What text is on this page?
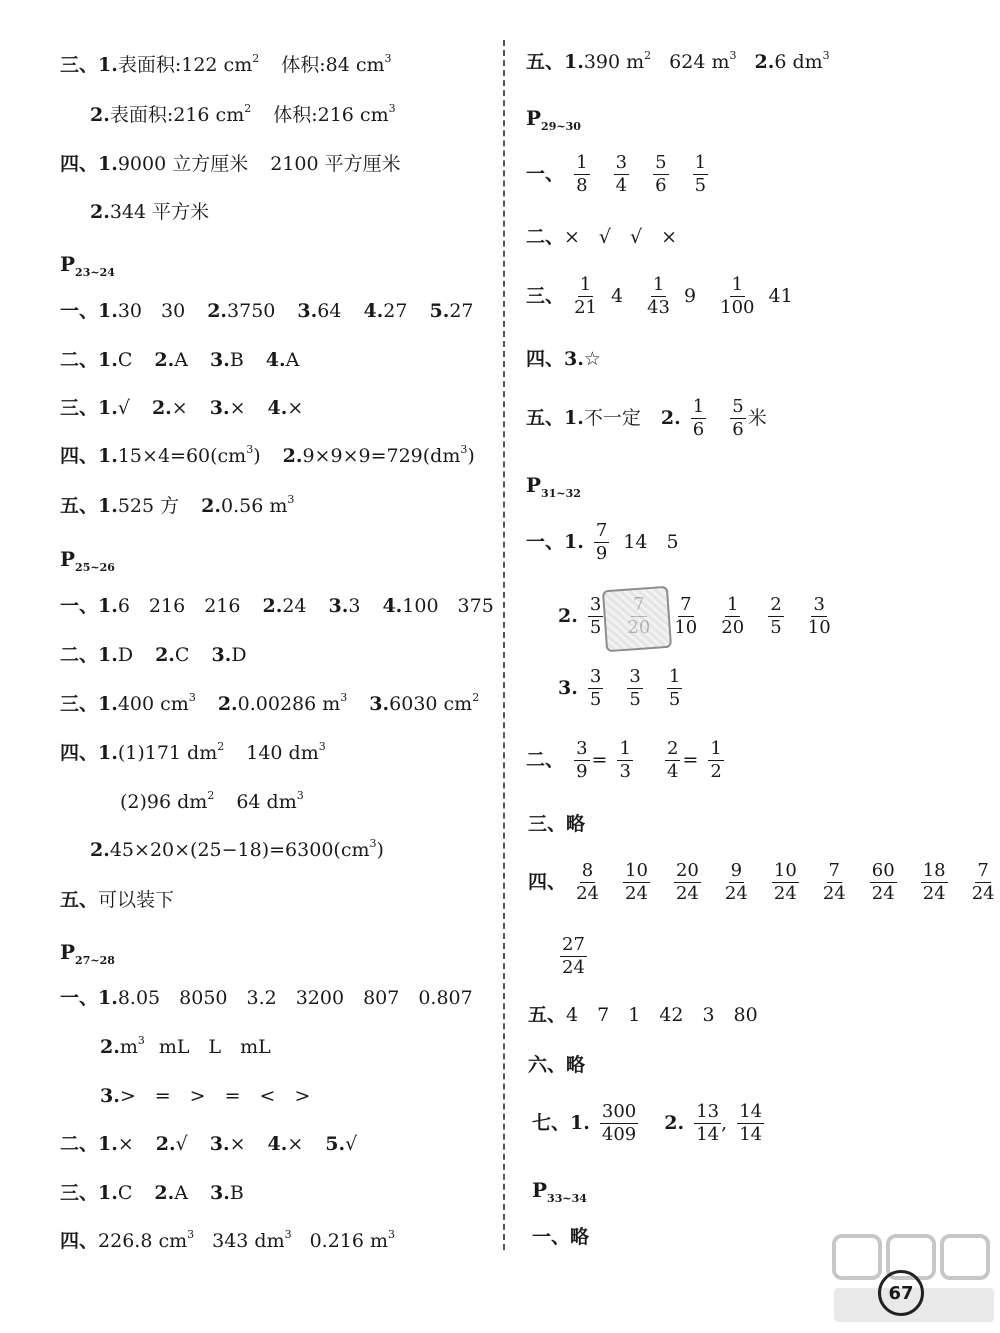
三、1.表面积:122 $cm^2$ 体积:84 $cm^3$
2.表面积:216 $cm^2$ 体积:216 $cm^3$
四、1.9000 立方厘米 2100 平方厘米
2.344 平方米
$P_{23\sim 24}$
一、1.30　30 2.3750 3.64 4.27 5.27
二、1.C 2.A 3.B 4.A
三、1.√ 2.× 3.× 4.×
四、$1.15\times 4=60(cm^3)$ $2.9\times 9\times 9=729(dm^3)$
五、1.525 方 2.0.56 $m^3$
$P_{25\sim 26}$
一、1.6　216　216 2.24 3.3 4.100　375
二、1.D 2.C 3.D
三、1.400 $cm^3$ 2.0.00286 $m^3$ 3.6030 $cm^2$
四、1.(1)171 $dm^2$ 140 $dm^3$
(2)96 $dm^2$ 64 $dm^3$
$2.45\times 20\times(25-18)=6300(cm^3)$
五、可以装下
$P_{27\sim 28}$
一、1.8.05　8050　3.2　3200　807　0.807
$2.m^3$ mL　L　mL
3.>　=　>　=　<　>
二、1.× 2.√ 3.× 4.× 5.√
三、1.C 2.A 3.B
四、226.8 $cm^3$ 343 $dm^3$ 0.216 $m^3$
五、1.390 $m^2$ 624 $m^3$ 2.6 $dm^3$
$P_{29\sim 30}$
一、 $\frac{1}{8}$
$\frac{3}{4}$
$\frac{5}{6}$
$\frac{1}{5}$
二、×　√　√　×
三、 $\frac{1}{21} 4 \frac{1}{43} 9 \frac{1}{100} 41$
四、3.☆
五、1.不一定 2. $\frac{1}{6}$
$\frac{5}{6}$ 米
$P_{31\sim 32}$
一、1. $\frac{7}{9} 14$　5
2. $\frac{3}{5}$

	$\frac{7}{10}$
$\frac{1}{20}$
$\frac{2}{5}$
$\frac{3}{10}$
3. $\frac{3}{5}$
$\frac{3}{5}$
$\frac{1}{5}$
二、 $\frac{3}{9} = \frac{1}{3}$
$\frac{2}{4} = \frac{1}{2}$
三、略
四、 $\frac{8}{24}$
$\frac{10}{24}$
$\frac{20}{24}$
$\frac{9}{24}$
$\frac{10}{24}$
$\frac{7}{24}$
$\frac{60}{24}$
$\frac{18}{24}$
$\frac{7}{24}$
$\frac{27}{24}$
五、4　7　1　42　3　80
六、略
七、1. $\frac{300}{409} 2$. $\frac{13}{14}$ , $\frac{14}{14}$
$P_{33\sim 34}$
一、略
67
